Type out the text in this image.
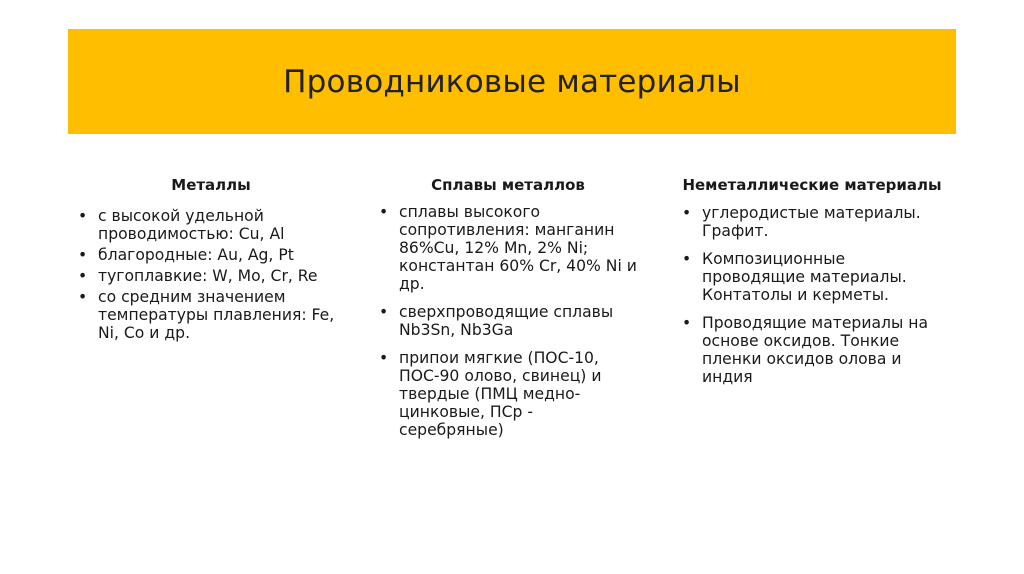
Проводниковые материалы
Металлы
• с высокой удельной проводимостью: Cu, Al
• благородные: Au, Ag, Pt
• тугоплавкие: W, Mo, Cr, Re
• со средним значением температуры плавления: Fe, Ni, Co и др.
Сплавы металлов
• сплавы высокого сопротивления: манганин 86%Cu, 12% Mn, 2% Ni; константан 60% Cr, 40% Ni и др.
• сверхпроводящие сплавы Nb3Sn, Nb3Ga
• припои мягкие (ПОС-10, ПОС-90 олово, свинец) и твердые (ПМЦ медно-цинковые, ПСр - серебряные)
Неметаллические материалы
• углеродистые материалы. Графит.
• Композиционные проводящие материалы. Контатолы и керметы.
• Проводящие материалы на основе оксидов. Тонкие пленки оксидов олова и индия
